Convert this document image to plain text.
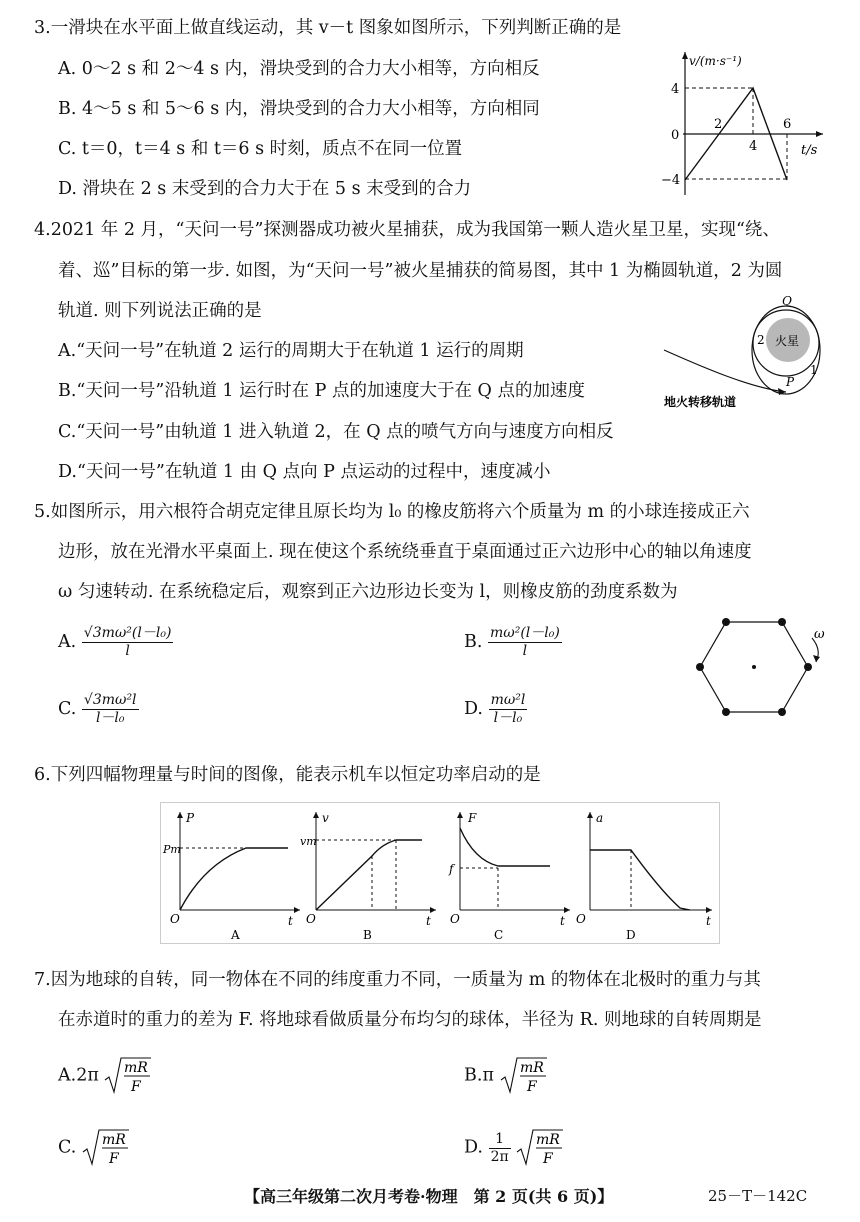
3.一滑块在水平面上做直线运动，其 v－t 图象如图所示，下列判断正确的是
A. 0～2 s 和 2～4 s 内，滑块受到的合力大小相等，方向相反
B. 4～5 s 和 5～6 s 内，滑块受到的合力大小相等，方向相同
C. t＝0，t＝4 s 和 t＝6 s 时刻，质点不在同一位置
D. 滑块在 2 s 末受到的合力大于在 5 s 末受到的合力
v/(m·s⁻¹)
t/s
4
0
−4
2
4
6
4.2021 年 2 月，“天问一号”探测器成功被火星捕获，成为我国第一颗人造火星卫星，实现“绕、
着、巡”目标的第一步. 如图，为“天问一号”被火星捕获的简易图，其中 1 为椭圆轨道，2 为圆
轨道. 则下列说法正确的是
A.“天问一号”在轨道 2 运行的周期大于在轨道 1 运行的周期
B.“天问一号”沿轨道 1 运行时在 P 点的加速度大于在 Q 点的加速度
C.“天问一号”由轨道 1 进入轨道 2，在 Q 点的喷气方向与速度方向相反
D.“天问一号”在轨道 1 由 Q 点向 P 点运动的过程中，速度减小
火星
Q
P
1
2
地火转移轨道
5.如图所示，用六根符合胡克定律且原长均为 l₀ 的橡皮筋将六个质量为 m 的小球连接成正六
边形，放在光滑水平桌面上. 现在使这个系统绕垂直于桌面通过正六边形中心的轴以角速度
ω 匀速转动. 在系统稳定后，观察到正六边形边长变为 l，则橡皮筋的劲度系数为
A. $\frac{\text{√3mω²(l－l₀)}}{l}$	B. $\frac{\text{mω²(l－l₀)}}{l}$
C. $\frac{\text{√3mω²l}}{\text{l－l₀}}$	D. $\frac{\text{mω²l}}{\text{l－l₀}}$
ω
6.下列四幅物理量与时间的图像，能表示机车以恒定功率启动的是
P
Pm
O	t
A
v
vm
O	t
B
F
f
O	t
C
a
O	t
D
7.因为地球的自转，同一物体在不同的纬度重力不同，一质量为 m 的物体在北极时的重力与其
在赤道时的重力的差为 F. 将地球看做质量分布均匀的球体，半径为 R. 则地球的自转周期是
A.2π mR
F
B.π mR
F
C. mR
F
D. $\frac{1}{2\pi}$
mR
F
【高三年级第二次月考卷·物理　第 2 页(共 6 页)】	25－T－142C
